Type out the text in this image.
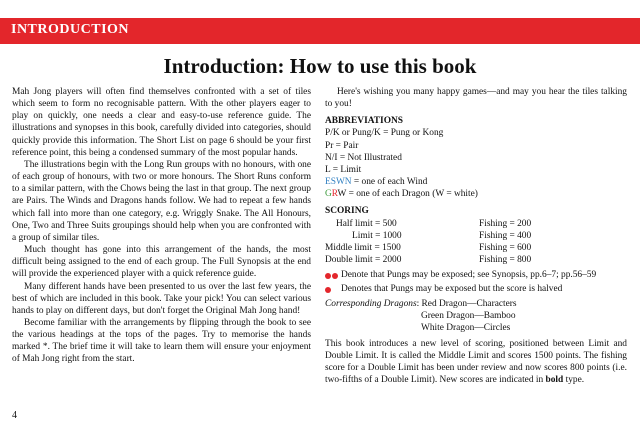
INTRODUCTION
Introduction: How to use this book

Mah Jong players will often find themselves confronted with a set of tiles which seem to form no recognisable pattern. With the other players eager to play on quickly, one needs a clear and easy-to-use reference guide. The illustrations and synopses in this book, carefully divided into categories, should quickly provide this information. The Short List on page 6 should be your first reference point, this being a condensed summary of the most popular hands.

The illustrations begin with the Long Run groups with no honours, with one of each group of honours, with two or more honours. The Short Runs conform to a similar pattern, with the Chows being the last in that group. The next group are Pairs. The Winds and Dragons hands follow. We had to repeat a few hands which fall into more than one category, e.g. Wriggly Snake. The All Honours, One, Two and Three Suits groupings should help when you are confronted with a group of similar tiles.

Much thought has gone into this arrangement of the hands, the most difficult being assigned to the end of each group. The Full Synopsis at the end will provide the experienced player with a quick reference guide.

Many different hands have been presented to us over the last few years, the best of which are included in this book. Take your pick! You can select various hands to play on different days, but don't forget the Original Mah Jong hand!

Become familiar with the arrangements by flipping through the book to see the various headings at the tops of the pages. Try to memorise the hands marked *. The brief time it will take to learn them will ensure your enjoyment of Mah Jong right from the start.

Here's wishing you many happy games—and may you hear the tiles talking to you!

ABBREVIATIONS
P/K or Pung/K = Pung or Kong
Pr = Pair
N/I = Not Illustrated
L = Limit
ESWN = one of each Wind
GRW = one of each Dragon (W = white)
SCORING
Half limit = 500	Fishing = 200
Limit = 1000	Fishing = 400
Middle limit = 1500	Fishing = 600
Double limit = 2000	Fishing = 800
Denote that Pungs may be exposed; see Synopsis, pp.6–7; pp.56–59
Denotes that Pungs may be exposed but the score is halved
Corresponding Dragons: Red Dragon—Characters
Green Dragon—Bamboo
White Dragon—Circles
This book introduces a new level of scoring, positioned between Limit and Double Limit. It is called the Middle Limit and scores 1500 points. The fishing score for a Double Limit has been under review and now scores 800 points (i.e. two-fifths of a Double Limit). New scores are indicated in bold type.
4
